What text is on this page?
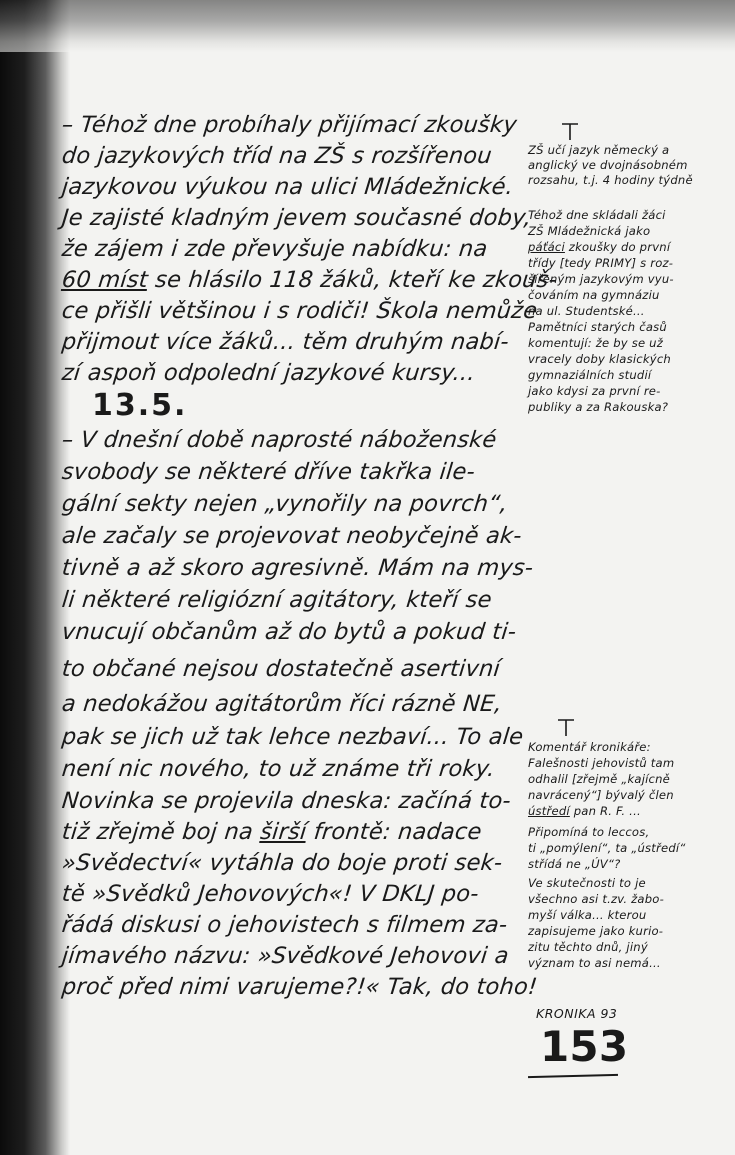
– Téhož dne probíhaly přijímací zkoušky
do jazykových tříd na ZŠ s rozšířenou
jazykovou výukou na ulici Mládežnické.
Je zajisté kladným jevem současné doby,
že zájem i zde převyšuje nabídku: na
60 míst se hlásilo 118 žáků, kteří ke zkouš-
ce přišli většinou i s rodiči! Škola nemůže
přijmout více žáků... těm druhým nabí-
zí aspoň odpolední jazykové kursy...
13.5.
– V dnešní době naprosté náboženské
svobody se některé dříve takřka ile-
gální sekty nejen „vynořily na povrch“,
ale začaly se projevovat neobyčejně ak-
tivně a až skoro agresivně. Mám na mys-
li některé religiózní agitátory, kteří se
vnucují občanům až do bytů a pokud ti-
to občané nejsou dostatečně asertivní
a nedokážou agitátorům říci rázně NE,
pak se jich už tak lehce nezbaví... To ale
není nic nového, to už známe tři roky.
Novinka se projevila dneska: začíná to-
tiž zřejmě boj na širší frontě: nadace
»Svědectví« vytáhla do boje proti sek-
tě »Svědků Jehovových«! V DKLJ po-
řádá diskusi o jehovistech s filmem za-
jímavého názvu: »Svědkové Jehovovi a
proč před nimi varujeme?!« Tak, do toho!
ZŠ učí jazyk německý a
anglický ve dvojnásobném
rozsahu, t.j. 4 hodiny týdně
Téhož dne skládali žáci
ZŠ Mládežnická jako
páťáci zkoušky do první
třídy [tedy PRIMY] s roz-
šířeným jazykovým vyu-
čováním na gymnáziu
na ul. Studentské...
Pamětníci starých časů
komentují: že by se už
vracely doby klasických
gymnaziálních studií
jako kdysi za první re-
publiky a za Rakouska?
Komentář kronikáře:
Falešnosti jehovistů tam
odhalil [zřejmě „kajícně
navrácený“] bývalý člen
ústředí pan R. F. ...
Připomíná to leccos,
ti „pomýlení“, ta „ústředí“
střídá ne „ÚV“?
Ve skutečnosti to je
všechno asi t.zv. žabo-
myší válka... kterou
zapisujeme jako kurio-
zitu těchto dnů, jiný
význam to asi nemá...
KRONIKA 93
153
